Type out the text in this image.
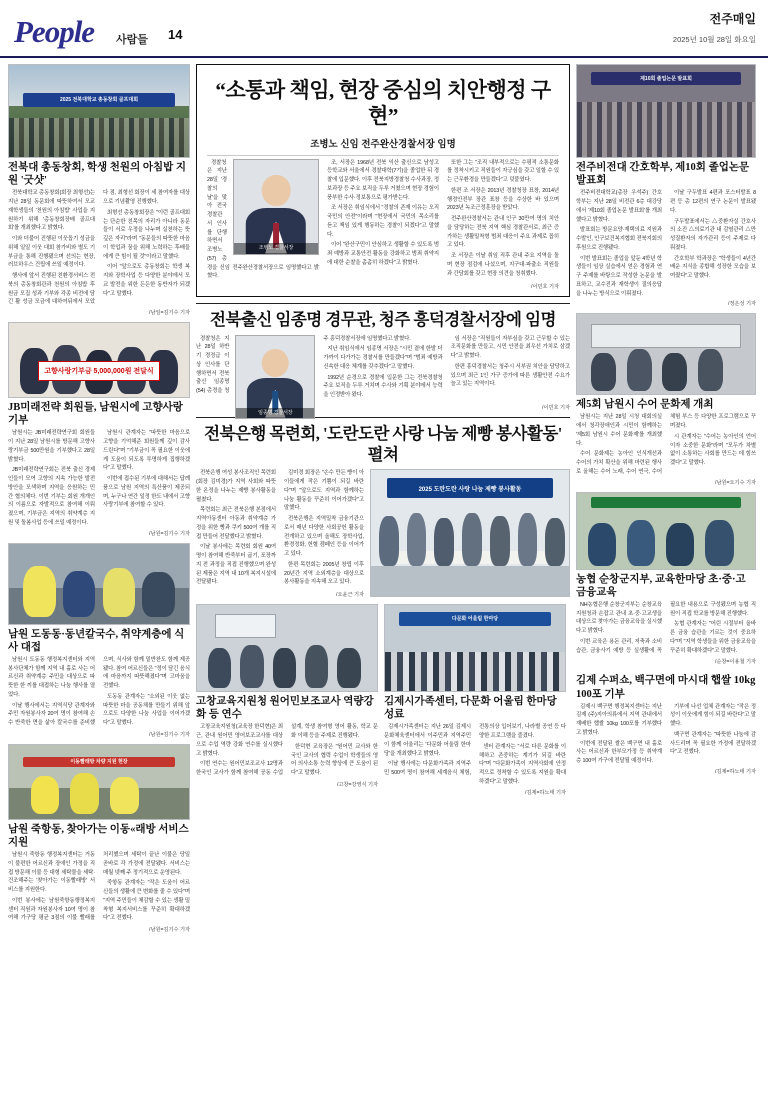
People 사람들 14
전주매일
2025년 10월 28일 화요일
2025 전북대학교 총동창회 골프대회
전북대 총동창회, 학생 천원의 아침밥 지원 '굿샷'

전북대학교 총동창회(회장 최형선)는 지난 28일 동문회에 따뜻하여서 모교 재학생들의 '천원의 아침밥' 사업을 지원하기 위해 '총동창회장배 골프대회'를 개최했다고 밝혔다.

이와 더불어 진행된 이웃돕기 성금을 위해 일일 이웃 대회 참가비와 별도 기부금을 통해 진행됐으며 선의는 현장, 러브하우스 건립에 쓰일 예정이다.

행사에 앞서 진행된 친환경서비스 전북의 총동창회관과 천원의 아침밥 후원금 모집 성과 기부와 각종 비전에 담긴 활 성금 모금에 대하여뒤에서 모았다 점, 최형선 회장이 세 참여자를 대상으로 기념촬영 진행했다.

최형선 총동창회장은 "이런 골프대회는 단순한 친목의 자리가 아니라 동문들이 서로 우정을 나누며 실천하는 뜻깊은 자리"라며 "동문들의 따뜻한 마음이 학업과 꿈을 위해 노력하는 후배들에게 큰 힘이 될 것"이라고 말했다.

이어 "앞으로도 총동창회는 학생 복지와 장학사업 등 다양한 분야에서 모교 발전을 위한 든든한 동반자가 되겠다"고 말했다.

/남일=김기수 기자
고향사랑기부금 5,000,000원 전달식
JB미래전략 회원들, 남원시에 고향사랑기부

남원시는 JB미래전략연구회 회원들이 지난 28일 남원시를 방문해 고향사랑기부금 500만원을 기부했다고 28일 밝혔다.

JB미래전략연구회는 전북 출신 경제인들이 모여 고향의 지속 가능한 발전 방안을 모색하며 지역을 응원하는 민간 협의체다. 이번 기부는 회원 개개인의 이름으로 자발적으로 참여해 이뤄졌으며, 기부금은 지역의 취약계층 지원 및 돌봄사업 등에 쓰일 예정이다.

남원시 관계자는 "따뜻한 마음으로 고향을 기억해준 회원들께 깊이 감사드린다"며 "기부금이 꼭 필요한 이웃에게 도움이 되도록 투명하게 집행하겠다"고 말했다.

이번에 접수된 기부에 대해서는 답례품으로 남원 지역의 특산품이 제공되며, 누구나 연간 일정 한도 내에서 고향사랑기부에 참여할 수 있다.

/남원=김기수 기자
남원 도동동·동년칼국수, 취약계층에 식사 대접

남원시 도동동 행정복지센터와 지역 봉사단체가 함께 지역 내 홀로 사는 어르신과 취약계층 주민을 대상으로 따뜻한 한 끼를 대접하는 나눔 행사를 열었다.

이날 행사에서는 지역식당 관계자와 주민 자원봉사자 20여 명이 참여해 손수 반죽한 면을 삶아 칼국수를 준비했으며, 식사와 함께 밑반찬도 함께 제공됐다. 참여 어르신들은 "정이 담긴 음식에 마음까지 따뜻해졌다"며 고마움을 전했다.

도동동 관계자는 "소외된 이웃 없는 따뜻한 마을 공동체를 만들기 위해 앞으로도 다양한 나눔 사업을 이어가겠다"고 말했다.

/남원=김기수 기자
이동빨래방 차량 지원 현장
남원 죽항동, 찾아가는 이동«래방 서비스 지원

남원시 죽항동 행정복지센터는 거동이 불편한 어르신과 장애인 가정을 직접 방문해 이불 등 대형 세탁물을 세탁·건조해주는 '찾아가는 이동빨래방' 서비스를 지원한다.

이번 봉사에는 남원죽항동행정복지센터 직원과 자원봉사자 10여 명이 참여해 가구당 평균 3점의 이불 빨래를 처리했으며 세탁이 끝난 이불은 당일 곧바로 각 가정에 전달됐다. 서비스는 매월 넷째 주 정기적으로 운영된다.

죽항동 관계자는 "작은 도움이 어르신들의 생활에 큰 변화를 줄 수 있다"며 "지역 주민들이 체감할 수 있는 생활 밀착형 복지서비스를 꾸준히 확대하겠다"고 전했다.

/남원=김기수 기자
“소통과 책임, 현장 중심의 치안행정 구현”
조병노 신임 전주완산경찰서장 임명
조병노 경찰서장

경찰청은 지난 28일 '경찰의 날'을 맞아 전국 경찰관서 인사를 단행하면서 조병노(57) 총경을 신임 전주완산경찰서장으로 임명했다고 밝혔다.

조, 서장은 1968년 전북 익산 출신으로 남성고등학교와 서울에서 경찰대학(7기)을 졸업한 뒤 경찰에 입문했다. 이후 전북지방경찰청 수사과장, 정보과장 등 주요 보직을 두루 거쳤으며 현장 경험이 풍부한 수사·정보통으로 평가받는다.

조 서장은 취임식에서 "경찰의 존재 이유는 오직 국민의 안전"이라며 "현장에서 국민의 목소리를 듣고 책임 있게 행동하는 경찰이 되겠다"고 말했다.

이어 "완산구민이 안심하고 생활할 수 있도록 범죄 예방과 교통안전 활동을 강화하고 범죄 취약지에 대한 순찰을 촘촘히 하겠다"고 밝혔다.

또한 그는 "조직 내부적으로는 수평적 소통문화를 정착시키고 직원들이 자긍심을 갖고 일할 수 있는 근무환경을 만들겠다"고 덧붙였다.

한편 조 서장은 2013년 경찰청장 표창, 2014년 행정안전부 장관 표창 등을 수상한 바 있으며 2023년 녹조근정훈장을 받았다.

전주완산경찰서는 관내 인구 30만여 명의 치안을 담당하는 전북 지역 핵심 경찰관서로, 최근 증가하는 생활밀착형 범죄 대응이 주요 과제로 꼽히고 있다.

조 서장은 이날 취임 직후 관내 주요 지역을 돌며 현장 점검에 나섰으며, 지구대·파출소 직원들과 간담회를 갖고 현장 의견을 청취했다.

/이민호 기자
전북출신 임종명 경무관, 청주 흥덕경찰서장에 임명
임종명 경찰서장

경찰청은 지난 28일 하반기 경정급 이상 인사를 단행하면서 전북 출신 임종명(54) 총경을 청주 흥덕경찰서장에 임명했다고 밝혔다.

지난 취임식에서 임종명 서장은 "시민 곁에 한발 더 가까이 다가가는 경찰서를 만들겠다"며 "범죄 예방과 신속한 대응 체계를 갖추겠다"고 말했다.

1992년 순경으로 경찰에 입문한 그는 전북경찰청 주요 보직을 두루 거치며 수사와 기획 분야에서 능력을 인정받아 왔다.

임 서장은 "직원들이 자부심을 갖고 근무할 수 있는 조직문화를 만들고, 시민 안전을 최우선 가치로 삼겠다"고 밝혔다.

한편 흥덕경찰서는 청주시 서부권 치안을 담당하고 있으며 최근 1인 가구 증가에 따른 생활안전 수요가 늘고 있는 지역이다.

/이민호 기자
전북은행 목련회, '도란도란 사랑 나눔 제빵 봉사활동' 펼쳐

전북은행 여성 봉사조직인 목련회(회장 김미경)가 지역 사회와 따뜻한 온정을 나누는 제빵 봉사활동을 펼쳤다.

목련회는 최근 전북은행 본점에서 지역아동센터 아동과 취약계층 가정을 위한 빵과 쿠키 500여 개를 직접 만들어 전달했다고 밝혔다.

이날 봉사에는 목련회 회원 40여 명이 참여해 반죽부터 굽기, 포장까지 전 과정을 직접 진행했으며 완성된 제품은 지역 내 10개 복지시설에 전달됐다.

김미경 회장은 "손수 만든 빵이 아이들에게 작은 기쁨이 되길 바란다"며 "앞으로도 지역과 함께하는 나눔 활동을 꾸준히 이어가겠다"고 말했다.

전북은행은 지역밀착 금융기관으로서 매년 다양한 사회공헌 활동을 전개하고 있으며 올해도 장학사업, 환경정화, 헌혈 캠페인 등을 이어가고 있다.

한편 목련회는 2005년 창립 이후 20년간 지역 소외계층을 대상으로 봉사활동을 지속해 오고 있다.

/오윤근 기자
2025 도란도란 사랑 나눔 제빵 봉사활동
고창교육지원청 원어민보조교사 역량강화 등 연수

고창교육지원청(교육장 한덕현)은 최근, 관내 원어민 영어보조교사를 대상으로 수업 역량 강화 연수를 실시했다고 밝혔다.

이번 연수는 원어민보조교사 12명과 한국인 교사가 함께 참여해 공동 수업 설계, 학생 참여형 영어 활동, 학교 문화 이해 등을 주제로 진행됐다.

한덕현 교육장은 "원어민 교사와 한국인 교사의 협력 수업이 학생들의 영어 의사소통 능력 향상에 큰 도움이 된다"고 말했다.

/고창=강영식 기자
다문화 어울림 한마당
김제시가족센터, 다문화 어울림 한마당 성료

김제시가족센터는 지난 26일 김제시문화체육센터에서 이주민과 지역주민이 함께 어울리는 '다문화 어울림 한마당'을 개최했다고 밝혔다.

이날 행사에는 다문화가족과 지역주민 500여 명이 참여해 세계음식 체험, 전통의상 입어보기, 나라별 공연 등 다양한 프로그램을 즐겼다.

센터 관계자는 "서로 다른 문화를 이해하고 존중하는 계기가 되길 바란다"며 "다문화가족이 지역사회에 안정적으로 정착할 수 있도록 지원을 확대하겠다"고 말했다.

/김제=하노태 기자
제10회 졸업논문 발표회
전주비전대 간호학부, 제10회 졸업논문 발표회

전주비전대학교(총장 우석주) 간호학부는 지난 28일 비전관 6층 대강당에서 '제10회 졸업논문 발표회'를 개최했다고 밝혔다.

발표회는 방문요양·재택의료 지원과 수발인, 인구보건복지협회 전북지회의 후원으로 진행됐다.

이번 발표회는 졸업을 앞둔 4학년 학생들이 임상 실습에서 얻은 경험과 연구 주제를 바탕으로 작성한 논문을 발표하고, 교수진과 재학생이 질의응답을 나누는 방식으로 이뤄졌다.

이날 구두발표 4편과 포스터발표 8편 등 총 12편의 연구 논문이 발표됐다.

구두발표에서는 △중환자실 간호사의 소진 △의료기관 내 감염관리 △만성질환자의 자가관리 등이 주제로 다뤄졌다.

간호학부 학과장은 "학생들이 4년간 배운 지식을 종합해 성장한 모습을 보여줬다"고 말했다.

/정은성 기자
제5회 남원시 수어 문화제 개최

남원시는 지난 28일 시청 대회의실에서 청각장애인과 시민이 함께하는 '제5회 남원시 수어 문화제'를 개최했다.

수어 문화제는 농아인 인식개선과 수어의 가치 확산을 위해 마련된 행사로 올해는 수어 노래, 수어 연극, 수어 체험 부스 등 다양한 프로그램으로 꾸며졌다.

시 관계자는 "수어는 농아인의 언어이자 소중한 문화"라며 "모두가 차별 없이 소통하는 사회를 만드는 데 힘쓰겠다"고 말했다.

/남원=오기수 기자

농협 순창군지부, 교육한마당 초·중·고 금융교육

NH농협은행 순창군지부는 순창교육지원청과 손잡고 관내 초·중·고교생을 대상으로 찾아가는 금융교육을 실시했다고 밝혔다.

이번 교육은 용돈 관리, 저축과 소비 습관, 금융사기 예방 등 실생활에 꼭 필요한 내용으로 구성됐으며 농협 직원이 직접 학교를 방문해 진행했다.

농협 관계자는 "어린 시절부터 올바른 금융 습관을 기르는 것이 중요하다"며 "지역 학생들을 위한 금융교육을 꾸준히 확대하겠다"고 말했다.

/순창=이용철 기자
김제 수퍼쇼, 백구면에 마시대 햅쌀 10kg 100포 기부

김제시 백구면 행정복지센터는 지난 김제 (주)지아의류에서 지역 관내에서 재배한 햅쌀 10kg 100포를 기부했다고 밝혔다.

이번에 전달된 쌀은 백구면 내 홀로 사는 어르신과 한부모가정 등 취약계층 100여 가구에 전달될 예정이다.

기부에 나선 업체 관계자는 "작은 정성이 이웃에게 힘이 되길 바란다"고 말했다.

백구면 관계자는 "따뜻한 나눔에 감사드리며 꼭 필요한 가정에 전달하겠다"고 전했다.

/김제=하노태 기자
